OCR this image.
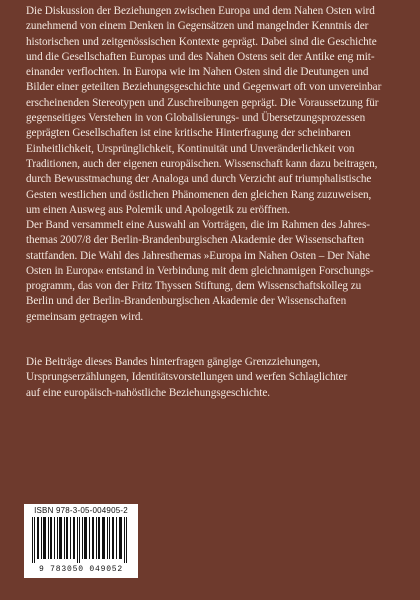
Die Diskussion der Beziehungen zwischen Europa und dem Nahen Osten wird
zunehmend von einem Denken in Gegensätzen und mangelnder Kenntnis der
historischen und zeitgenössischen Kontexte geprägt. Dabei sind die Geschichte
und die Gesellschaften Europas und des Nahen Ostens seit der Antike eng mit-
einander verflochten. In Europa wie im Nahen Osten sind die Deutungen und
Bilder einer geteilten Beziehungsgeschichte und Gegenwart oft von unvereinbar
erscheinenden Stereotypen und Zuschreibungen geprägt. Die Voraussetzung für
gegenseitiges Verstehen in von Globalisierungs- und Übersetzungsprozessen
geprägten Gesellschaften ist eine kritische Hinterfragung der scheinbaren
Einheitlichkeit, Ursprünglichkeit, Kontinuität und Unveränderlichkeit von
Traditionen, auch der eigenen europäischen. Wissenschaft kann dazu beitragen,
durch Bewusstmachung der Analoga und durch Verzicht auf triumphalistische
Gesten westlichen und östlichen Phänomenen den gleichen Rang zuzuweisen,
um einen Ausweg aus Polemik und Apologetik zu eröffnen.

Der Band versammelt eine Auswahl an Vorträgen, die im Rahmen des Jahres-
themas 2007/8 der Berlin-Brandenburgischen Akademie der Wissenschaften
stattfanden. Die Wahl des Jahresthemas »Europa im Nahen Osten – Der Nahe
Osten in Europa« entstand in Verbindung mit dem gleichnamigen Forschungs-
programm, das von der Fritz Thyssen Stiftung, dem Wissenschaftskolleg zu
Berlin und der Berlin-Brandenburgischen Akademie der Wissenschaften
gemeinsam getragen wird.

Die Beiträge dieses Bandes hinterfragen gängige Grenzziehungen,
Ursprungserzählungen, Identitätsvorstellungen und werfen Schlaglichter
auf eine europäisch-nahöstliche Beziehungsgeschichte.

ISBN 978-3-05-004905-2
9 783050 049052
